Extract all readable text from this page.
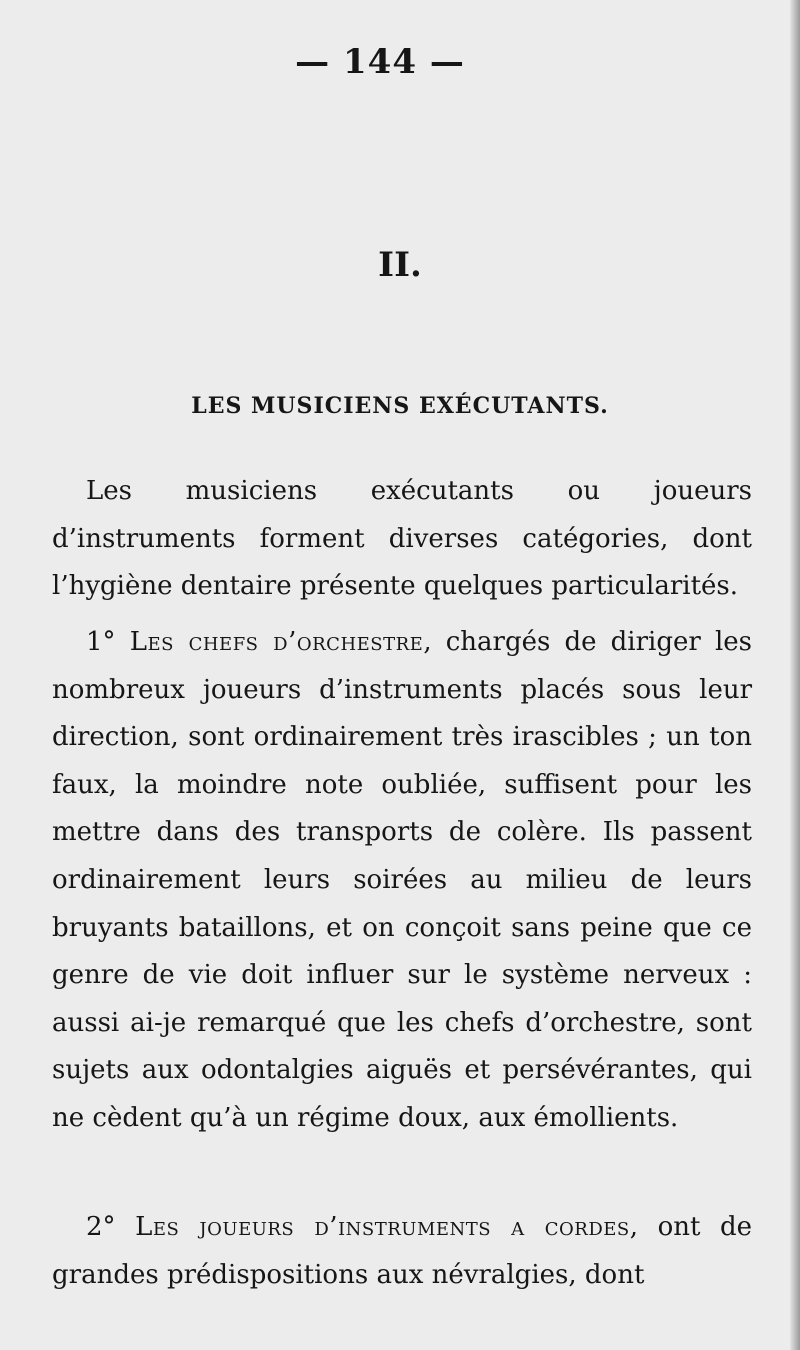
— 144 —
II.
LES MUSICIENS EXÉCUTANTS.
Les musiciens exécutants ou joueurs d’instruments forment diverses catégories, dont l’hygiène dentaire présente quelques particularités.
1° Les chefs d’orchestre, chargés de diriger les nombreux joueurs d’instruments placés sous leur direction, sont ordinairement très irascibles ; un ton faux, la moindre note oubliée, suffisent pour les mettre dans des transports de colère. Ils passent ordinairement leurs soirées au milieu de leurs bruyants bataillons, et on conçoit sans peine que ce genre de vie doit influer sur le système nerveux : aussi ai-je remarqué que les chefs d’orchestre, sont sujets aux odontalgies aiguës et persévérantes, qui ne cèdent qu’à un régime doux, aux émollients.
2° Les joueurs d’instruments a cordes, ont de grandes prédispositions aux névralgies, dont
